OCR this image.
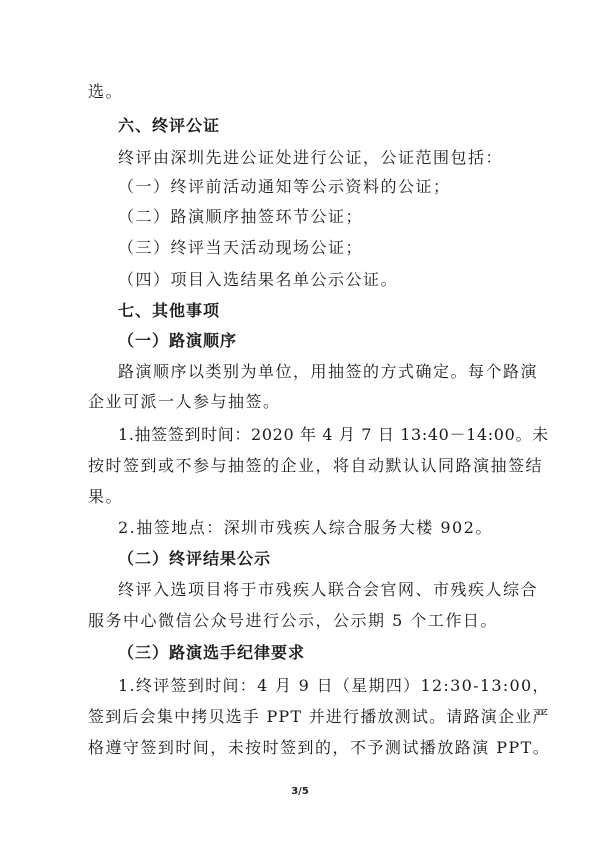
选。

六、终评公证

终评由深圳先进公证处进行公证，公证范围包括：

（一）终评前活动通知等公示资料的公证；

（二）路演顺序抽签环节公证；

（三）终评当天活动现场公证；

（四）项目入选结果名单公示公证。

七、其他事项

（一）路演顺序

路演顺序以类别为单位，用抽签的方式确定。每个路演

企业可派一人参与抽签。

1.抽签签到时间：2020 年 4 月 7 日 13:40－14:00。未

按时签到或不参与抽签的企业，将自动默认认同路演抽签结

果。

2.抽签地点：深圳市残疾人综合服务大楼 902。

（二）终评结果公示

终评入选项目将于市残疾人联合会官网、市残疾人综合

服务中心微信公众号进行公示，公示期 5 个工作日。

（三）路演选手纪律要求

1.终评签到时间：4 月 9 日（星期四）12:30-13:00，

签到后会集中拷贝选手 PPT 并进行播放测试。请路演企业严

格遵守签到时间，未按时签到的，不予测试播放路演 PPT。

3/5
